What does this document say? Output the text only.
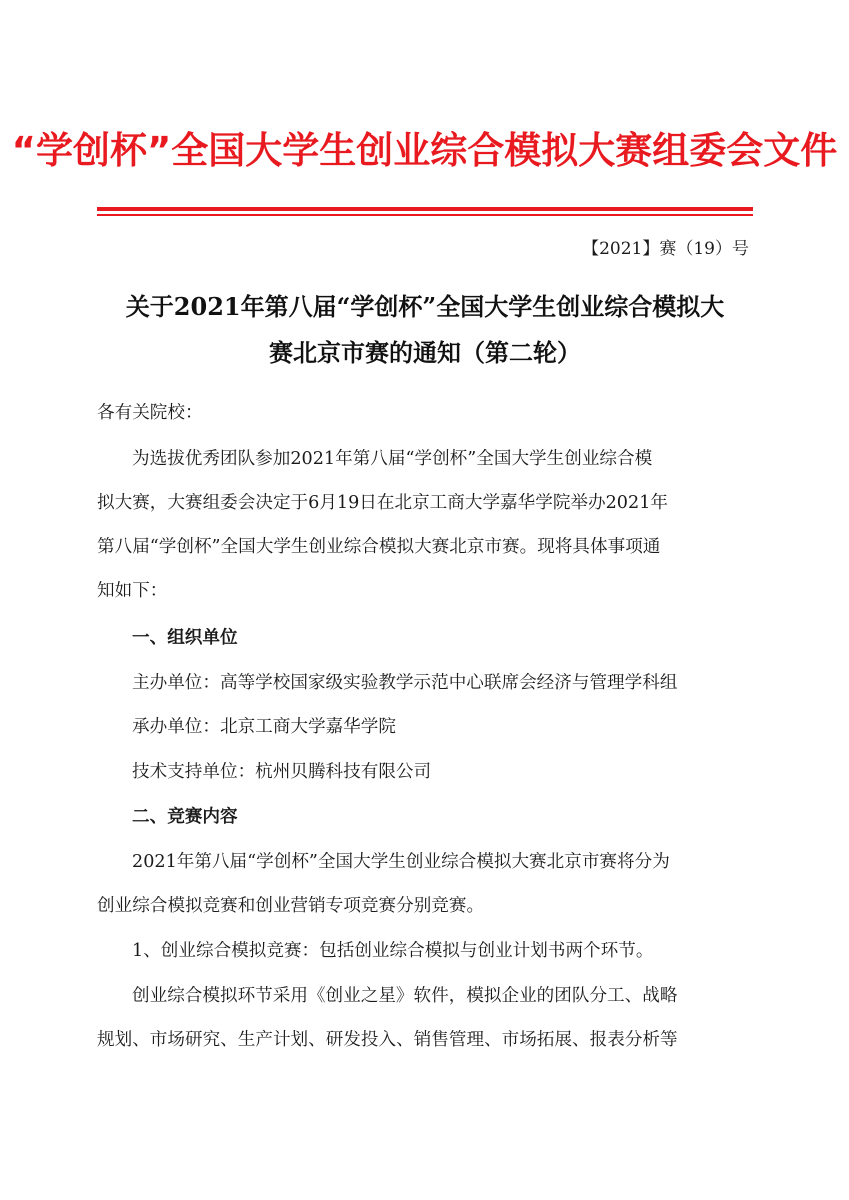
“学创杯”全国大学生创业综合模拟大赛组委会文件
【2021】赛（19）号
关于2021年第八届“学创杯”全国大学生创业综合模拟大
赛北京市赛的通知（第二轮）
各有关院校：
为选拔优秀团队参加2021年第八届“学创杯”全国大学生创业综合模
拟大赛，大赛组委会决定于6月19日在北京工商大学嘉华学院举办2021年
第八届“学创杯”全国大学生创业综合模拟大赛北京市赛。现将具体事项通
知如下：
一、组织单位
主办单位：高等学校国家级实验教学示范中心联席会经济与管理学科组
承办单位：北京工商大学嘉华学院
技术支持单位：杭州贝腾科技有限公司
二、竞赛内容
2021年第八届“学创杯”全国大学生创业综合模拟大赛北京市赛将分为
创业综合模拟竞赛和创业营销专项竞赛分别竞赛。
1、创业综合模拟竞赛：包括创业综合模拟与创业计划书两个环节。
创业综合模拟环节采用《创业之星》软件，模拟企业的团队分工、战略
规划、市场研究、生产计划、研发投入、销售管理、市场拓展、报表分析等
